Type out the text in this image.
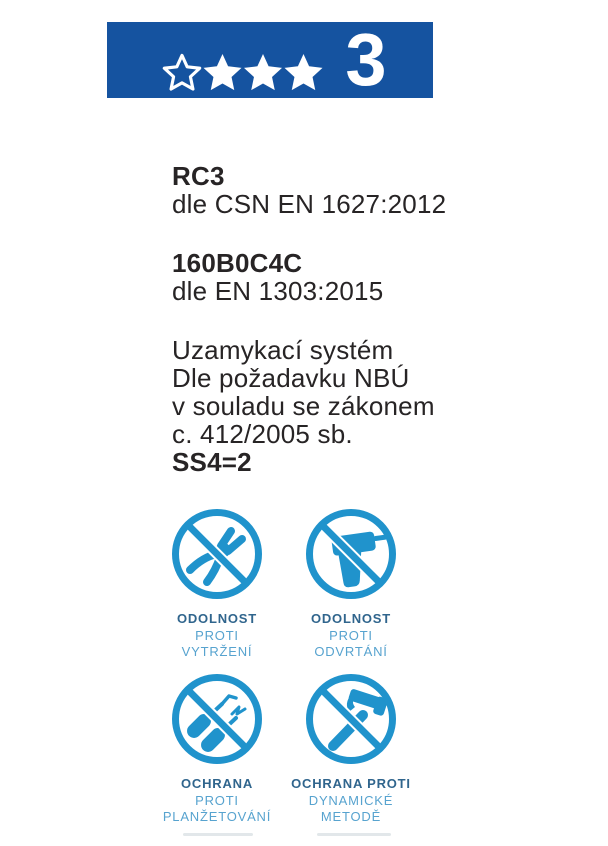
3

RC3
dle CSN EN 1627:2012

160B0C4C
dle EN 1303:2015

Uzamykací systém
Dle požadavku NBÚ
v souladu se zákonem
c. 412/2005 sb.
SS4=2

ODOLNOST
PROTI
VYTRŽENÍ
ODOLNOST
PROTI
ODVRTÁNÍ
OCHRANA
PROTI
PLANŽETOVÁNÍ
OCHRANA PROTI
DYNAMICKÉ
METODĚ
